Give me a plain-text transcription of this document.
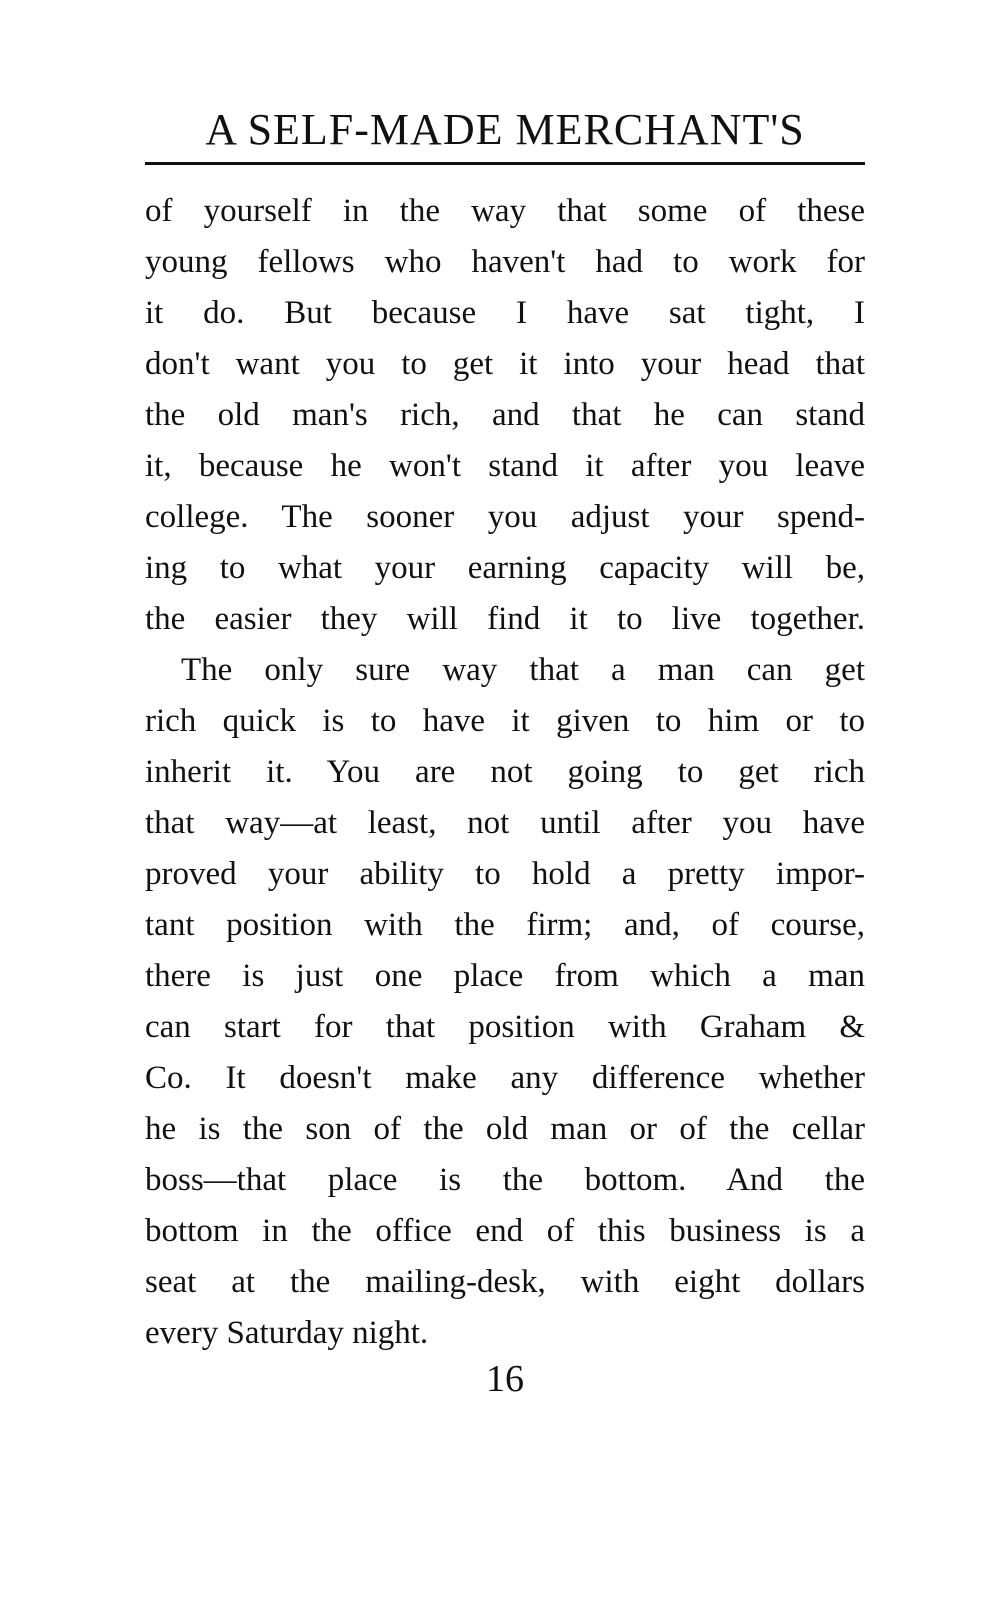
A SELF-MADE MERCHANT'S
of yourself in the way that some of these
young fellows who haven't had to work for
it do. But because I have sat tight, I
don't want you to get it into your head that
the old man's rich, and that he can stand
it, because he won't stand it after you leave
college. The sooner you adjust your spend-
ing to what your earning capacity will be,
the easier they will find it to live together.
The only sure way that a man can get
rich quick is to have it given to him or to
inherit it. You are not going to get rich
that way—at least, not until after you have
proved your ability to hold a pretty impor-
tant position with the firm; and, of course,
there is just one place from which a man
can start for that position with Graham &
Co. It doesn't make any difference whether
he is the son of the old man or of the cellar
boss—that place is the bottom. And the
bottom in the office end of this business is a
seat at the mailing-desk, with eight dollars
every Saturday night.
16
